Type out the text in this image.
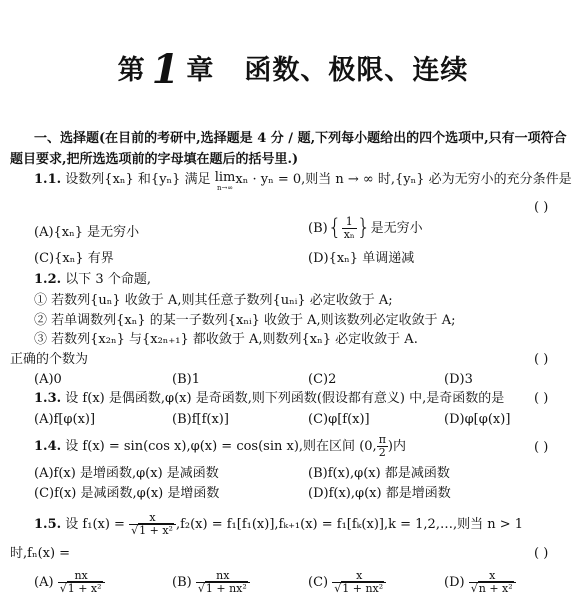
第 1 章 函数、极限、连续
一、选择题(在目前的考研中,选择题是 4 分 / 题,下列每小题给出的四个选项中,只有一项符合
题目要求,把所选选项前的字母填在题后的括号里.)
1.1. 设数列{xₙ} 和{yₙ} 满足 lim
n→∞
xₙ · yₙ = 0,则当 n → ∞ 时,{yₙ} 必为无穷小的充分条件是
( )
(A){xₙ} 是无穷小	$(B)\{ \frac{1}{\text{xₙ}}$ }是无穷小
(C){xₙ} 有界	(D){xₙ} 单调递减
1.2. 以下 3 个命题,
① 若数列{uₙ} 收敛于 A,则其任意子数列{uₙᵢ} 必定收敛于 A;
② 若单调数列{xₙ} 的某一子数列{xₙᵢ} 收敛于 A,则该数列必定收敛于 A;
③ 若数列{x₂ₙ} 与{x₂ₙ₊₁} 都收敛于 A,则数列{xₙ} 必定收敛于 A.
正确的个数为	( )
(A)0	(B)1	(C)2	(D)3
1.3. 设 f(x) 是偶函数,φ(x) 是奇函数,则下列函数(假设都有意义) 中,是奇函数的是 ( )
(A)f[φ(x)]	(B)f[f(x)]	(C)φ[f(x)]	(D)φ[φ(x)]
1.4. 设 f(x) = sin(cos x),φ(x) = cos(sin x),则在区间 (0, $\frac{\pi}{2}$ )内	( )
(A)f(x) 是增函数,φ(x) 是减函数	(B)f(x),φ(x) 都是减函数
(C)f(x) 是减函数,φ(x) 是增函数	(D)f(x),φ(x) 都是增函数
1.5. 设 $f_1(x) = \frac{x}{\text{√1 + x²}} ,f_2(x) = f_1[f_1(x)],f_{k+1}(x) = f_1[f_k(x)],k$ = 1,2,…,则当 n > 1
时,fₙ(x) =	( )
$(A) \frac{nx}{\text{√1 + x²}}$	$(B) \frac{nx}{\text{√1 + nx²}}$	$(C) \frac{x}{\text{√1 + nx²}}$	$(D) \frac{x}{\text{√n + x²}}$
